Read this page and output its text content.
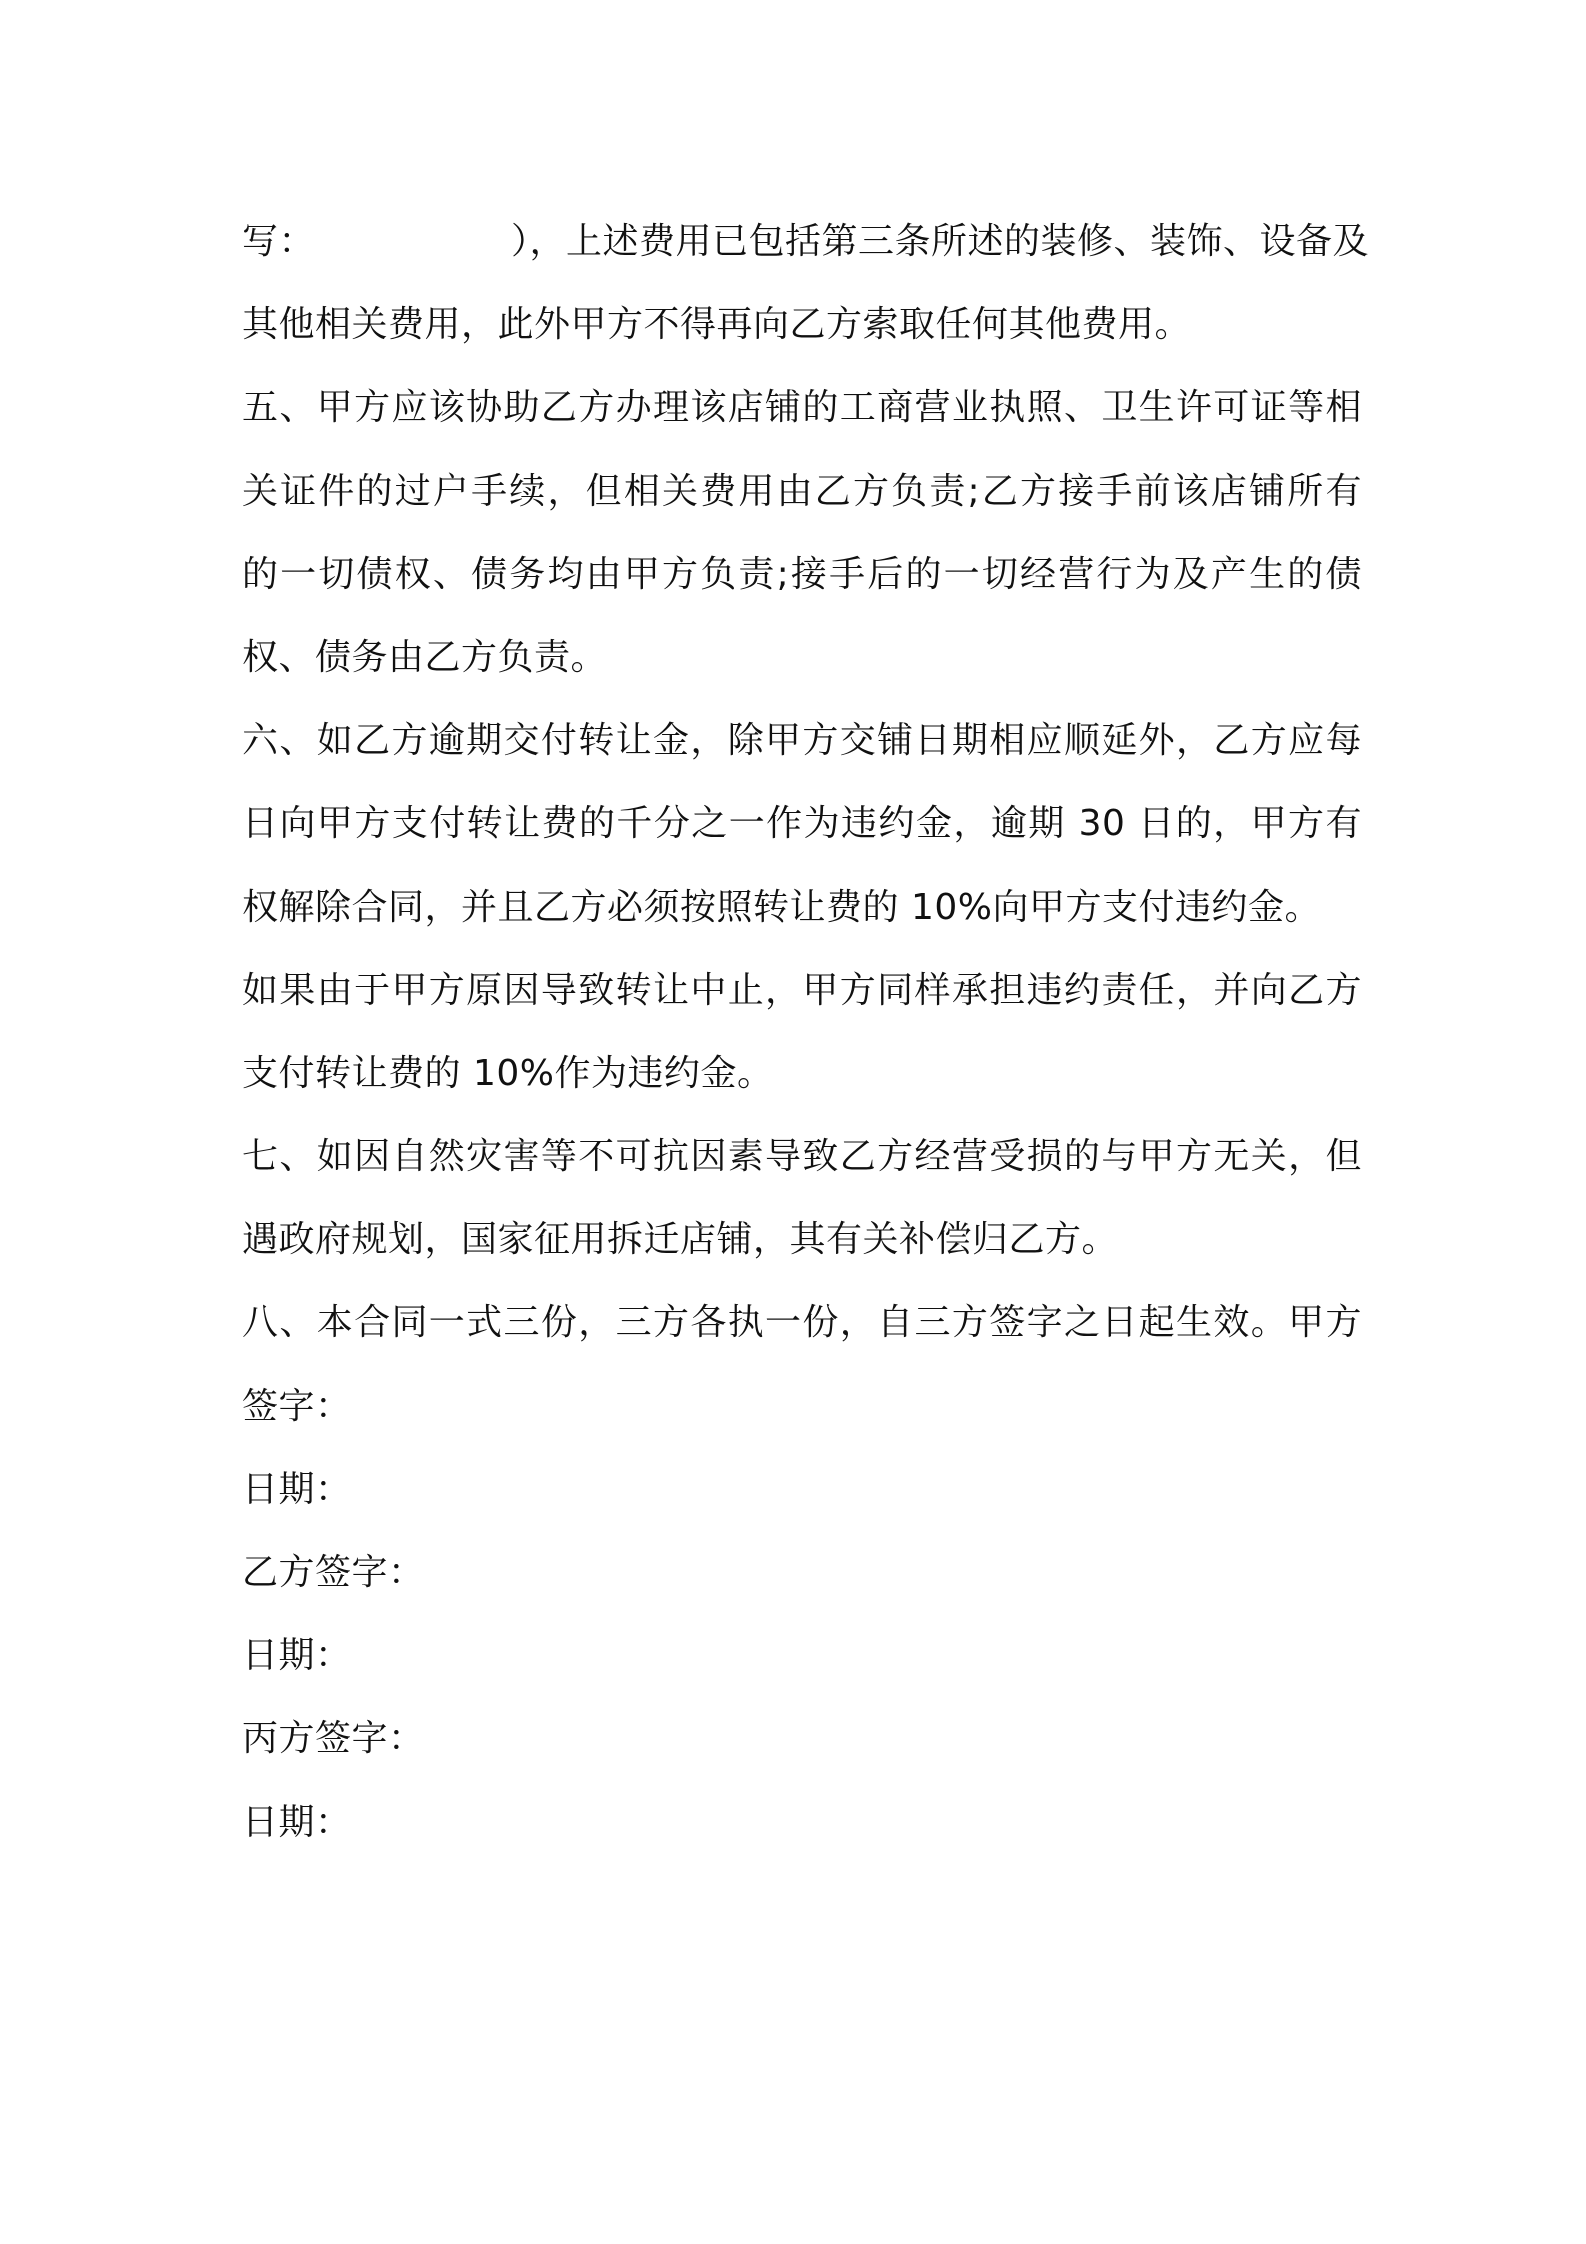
写：	），上述费用已包括第三条所述的装修、装饰、设备及
其他相关费用，此外甲方不得再向乙方索取任何其他费用。
五、甲方应该协助乙方办理该店铺的工商营业执照、卫生许可证等相
关证件的过户手续，但相关费用由乙方负责;乙方接手前该店铺所有
的一切债权、债务均由甲方负责;接手后的一切经营行为及产生的债
权、债务由乙方负责。
六、如乙方逾期交付转让金，除甲方交铺日期相应顺延外，乙方应每
日向甲方支付转让费的千分之一作为违约金，逾期 30 日的，甲方有
权解除合同，并且乙方必须按照转让费的 10%向甲方支付违约金。
如果由于甲方原因导致转让中止，甲方同样承担违约责任，并向乙方
支付转让费的 10%作为违约金。
七、如因自然灾害等不可抗因素导致乙方经营受损的与甲方无关，但
遇政府规划，国家征用拆迁店铺，其有关补偿归乙方。
八、本合同一式三份，三方各执一份，自三方签字之日起生效。甲方
签字：
日期：
乙方签字：
日期：
丙方签字：
日期：
